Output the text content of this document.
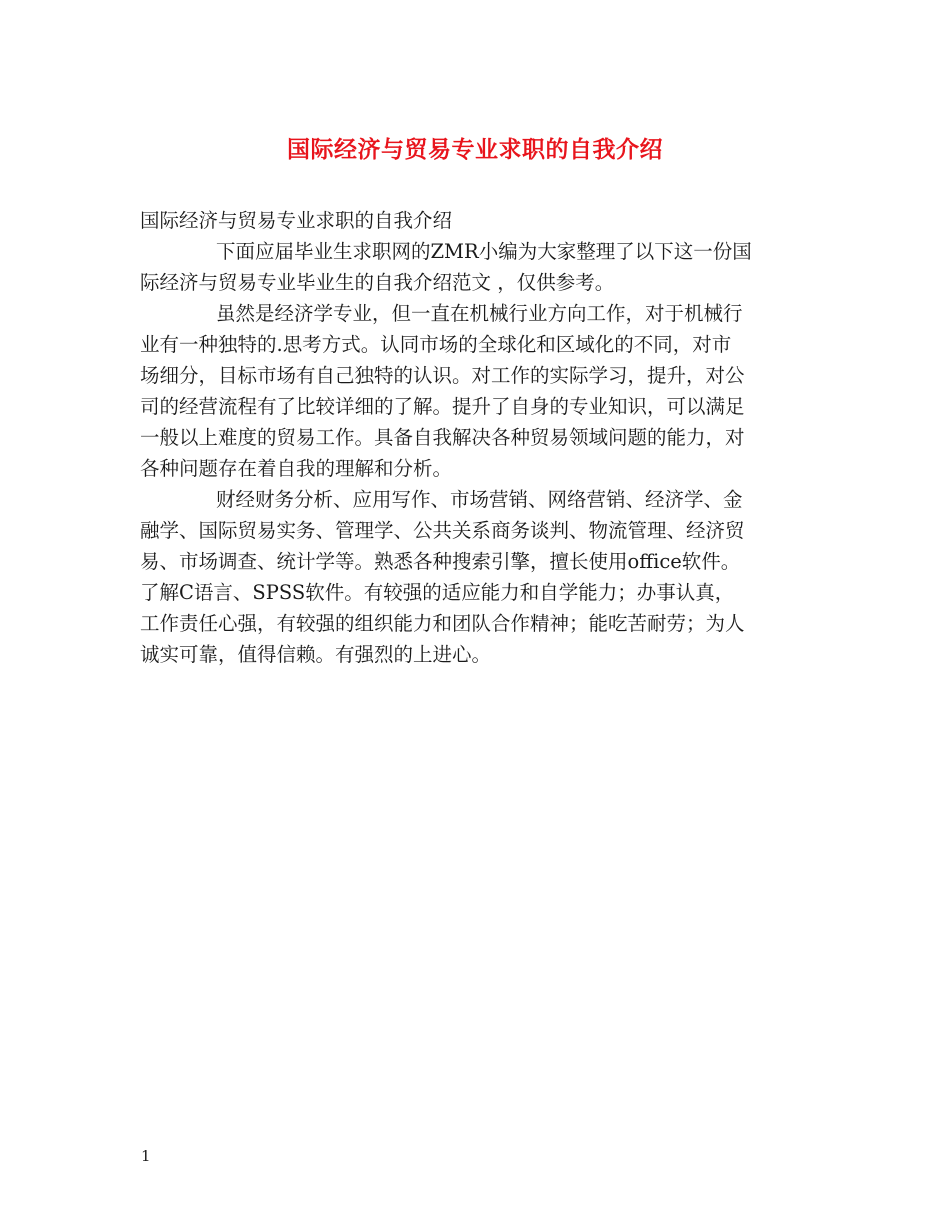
国际经济与贸易专业求职的自我介绍
国际经济与贸易专业求职的自我介绍
下面应届毕业生求职网的ZMR小编为大家整理了以下这一份国
际经济与贸易专业毕业生的自我介绍范文 ，仅供参考。
虽然是经济学专业，但一直在机械行业方向工作，对于机械行
业有一种独特的.思考方式。认同市场的全球化和区域化的不同，对市
场细分，目标市场有自己独特的认识。对工作的实际学习，提升，对公
司的经营流程有了比较详细的了解。提升了自身的专业知识，可以满足
一般以上难度的贸易工作。具备自我解决各种贸易领域问题的能力，对
各种问题存在着自我的理解和分析。
财经财务分析、应用写作、市场营销、网络营销、经济学、金
融学、国际贸易实务、管理学、公共关系商务谈判、物流管理、经济贸
易、市场调查、统计学等。熟悉各种搜索引擎，擅长使用office软件。
了解C语言、SPSS软件。有较强的适应能力和自学能力；办事认真，
工作责任心强，有较强的组织能力和团队合作精神；能吃苦耐劳；为人
诚实可靠，值得信赖。有强烈的上进心。
1
